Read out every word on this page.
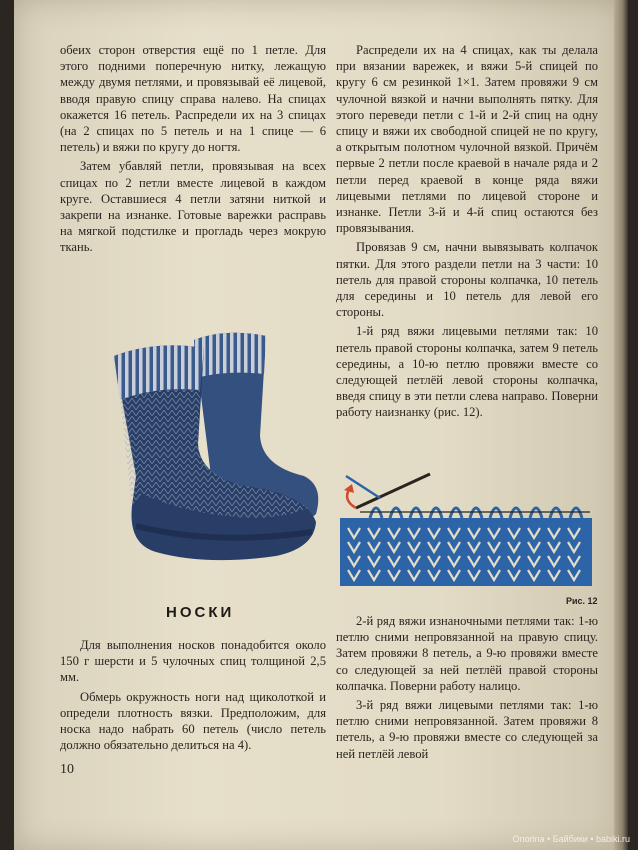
обеих сторон отверстия ещё по 1 петле. Для этого подними поперечную нитку, лежащую между двумя петлями, и провязывай её лицевой, вводя правую спицу справа налево. На спицах окажется 16 петель. Распредели их на 3 спицах (на 2 спицах по 5 петель и на 1 спице — 6 петель) и вяжи по кругу до ногтя.

Затем убавляй петли, провязывая на всех спицах по 2 петли вместе лицевой в каждом круге. Оставшиеся 4 петли затяни ниткой и закрепи на изнанке. Готовые варежки расправь на мягкой подстилке и прогладь через мокрую ткань.

Распредели их на 4 спицах, как ты делала при вязании варежек, и вяжи 5-й спицей по кругу 6 см резинкой 1×1. Затем провяжи 9 см чулочной вязкой и начни выполнять пятку. Для этого переведи петли с 1-й и 2-й спиц на одну спицу и вяжи их свободной спицей не по кругу, а открытым полотном чулочной вязкой. Причём первые 2 петли после краевой в начале ряда и 2 петли перед краевой в конце ряда вяжи лицевыми петлями по лицевой стороне и изнанке. Петли 3-й и 4-й спиц остаются без провязывания.

Провязав 9 см, начни вывязывать колпачок пятки. Для этого раздели петли на 3 части: 10 петель для правой стороны колпачка, 10 петель для середины и 10 петель для левой его стороны.

1-й ряд вяжи лицевыми петлями так: 10 петель правой стороны колпачка, затем 9 петель середины, а 10-ю петлю провяжи вместе со следующей петлёй левой стороны колпачка, введя спицу в эти петли слева направо. Поверни работу наизнанку (рис. 12).

Рис. 12
НОСКИ

Для выполнения носков понадобится около 150 г шерсти и 5 чулочных спиц толщиной 2,5 мм.

Обмерь окружность ноги над щиколоткой и определи плотность вязки. Предположим, для носка надо набрать 60 петель (число петель должно обязательно делиться на 4).

2-й ряд вяжи изнаночными петлями так: 1-ю петлю сними непровязанной на правую спицу. Затем провяжи 8 петель, а 9-ю провяжи вместе со следующей за ней петлёй правой стороны колпачка. Поверни работу налицо.

3-й ряд вяжи лицевыми петлями так: 1-ю петлю сними непровязанной. Затем провяжи 8 петель, а 9-ю провяжи вместе со следующей за ней петлёй левой

10
Onorina • Байбики • babiki.ru
